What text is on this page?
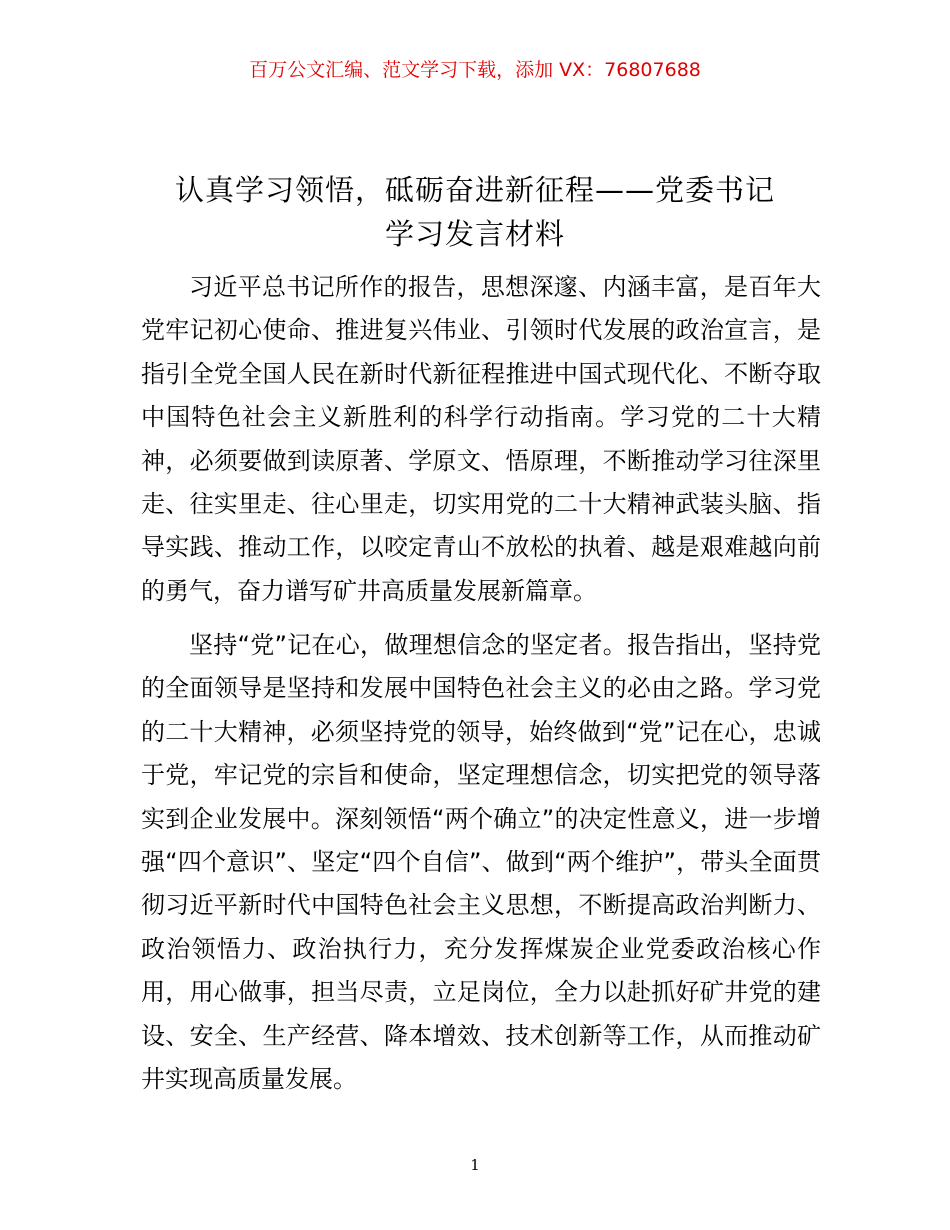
百万公文汇编、范文学习下载，添加 VX：76807688
认真学习领悟，砥砺奋进新征程——党委书记
学习发言材料

习近平总书记所作的报告，思想深邃、内涵丰富，是百年大党牢记初心使命、推进复兴伟业、引领时代发展的政治宣言，是指引全党全国人民在新时代新征程推进中国式现代化、不断夺取中国特色社会主义新胜利的科学行动指南。学习党的二十大精神，必须要做到读原著、学原文、悟原理，不断推动学习往深里走、往实里走、往心里走，切实用党的二十大精神武装头脑、指导实践、推动工作，以咬定青山不放松的执着、越是艰难越向前的勇气，奋力谱写矿井高质量发展新篇章。

坚持“党”记在心，做理想信念的坚定者。报告指出，坚持党的全面领导是坚持和发展中国特色社会主义的必由之路。学习党的二十大精神，必须坚持党的领导，始终做到“党”记在心，忠诚于党，牢记党的宗旨和使命，坚定理想信念，切实把党的领导落实到企业发展中。深刻领悟“两个确立”的决定性意义，进一步增强“四个意识”、坚定“四个自信”、做到“两个维护”，带头全面贯彻习近平新时代中国特色社会主义思想，不断提高政治判断力、政治领悟力、政治执行力，充分发挥煤炭企业党委政治核心作用，用心做事，担当尽责，立足岗位，全力以赴抓好矿井党的建设、安全、生产经营、降本增效、技术创新等工作，从而推动矿井实现高质量发展。

1
